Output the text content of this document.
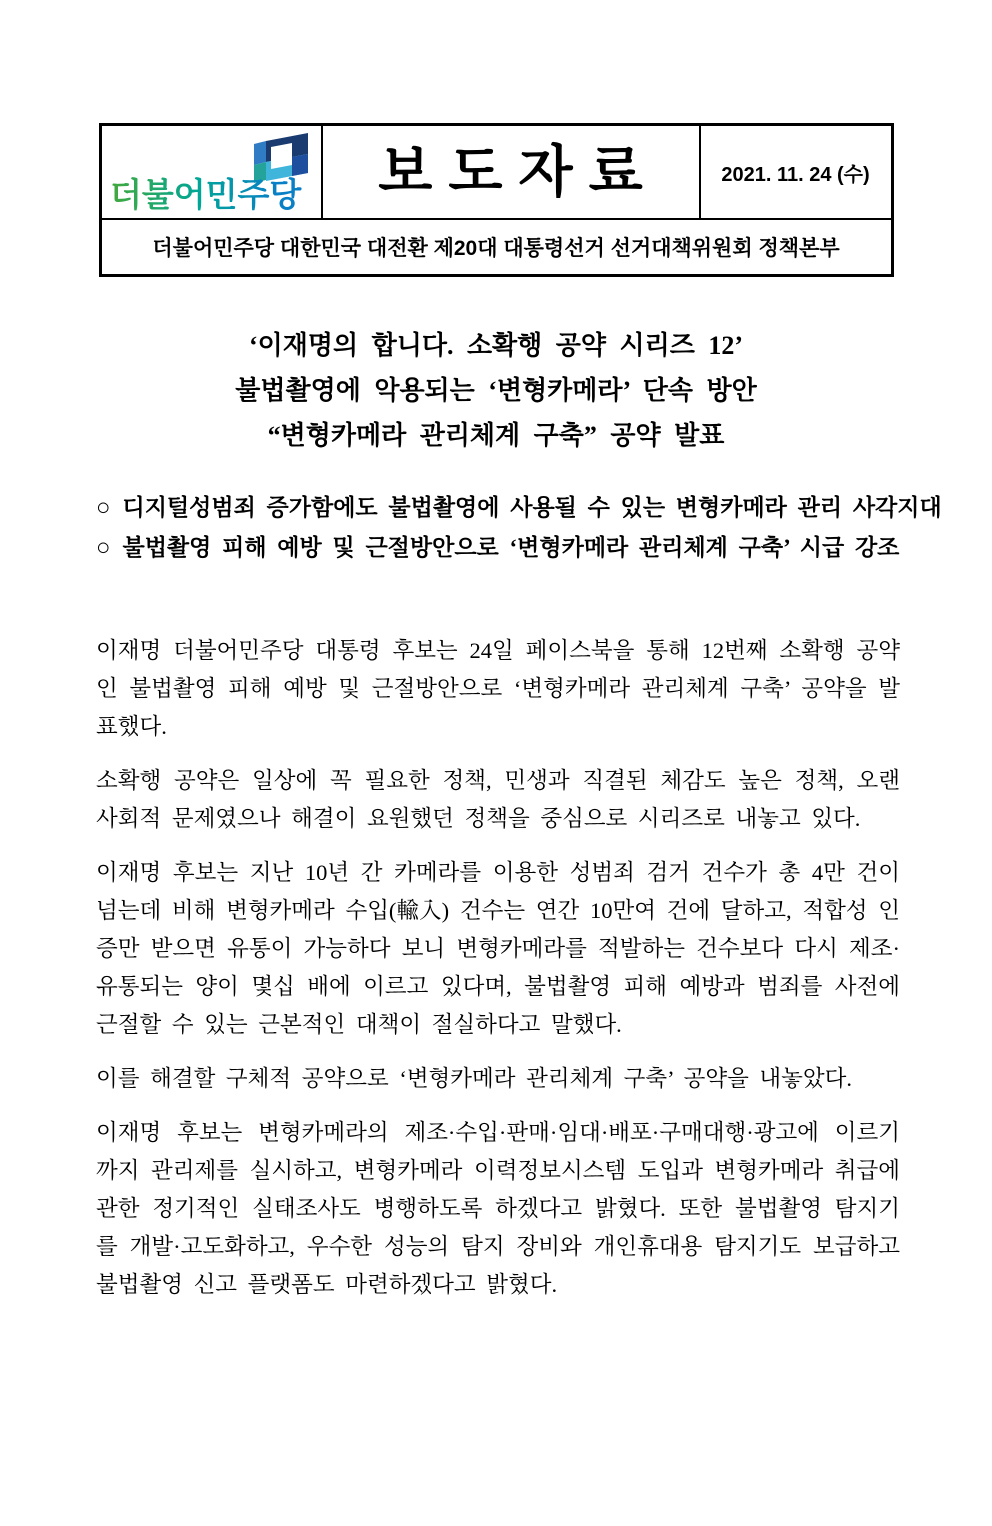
더불어민주당	보도자료	2021. 11. 24 (수)
더불어민주당 대한민국 대전환 제20대 대통령선거 선거대책위원회 정책본부
‘이재명의 합니다. 소확행 공약 시리즈 12’
불법촬영에 악용되는 ‘변형카메라’ 단속 방안
“변형카메라 관리체계 구축” 공약 발표
○ 디지털성범죄 증가함에도 불법촬영에 사용될 수 있는 변형카메라 관리 사각지대
○ 불법촬영 피해 예방 및 근절방안으로 ‘변형카메라 관리체계 구축’ 시급 강조

이재명 더불어민주당 대통령 후보는 24일 페이스북을 통해 12번째 소확행 공약인 불법촬영 피해 예방 및 근절방안으로 ‘변형카메라 관리체계 구축’ 공약을 발표했다.

소확행 공약은 일상에 꼭 필요한 정책, 민생과 직결된 체감도 높은 정책, 오랜 사회적 문제였으나 해결이 요원했던 정책을 중심으로 시리즈로 내놓고 있다.

이재명 후보는 지난 10년 간 카메라를 이용한 성범죄 검거 건수가 총 4만 건이 넘는데 비해 변형카메라 수입(輸入) 건수는 연간 10만여 건에 달하고, 적합성 인증만 받으면 유통이 가능하다 보니 변형카메라를 적발하는 건수보다 다시 제조·유통되는 양이 몇십 배에 이르고 있다며, 불법촬영 피해 예방과 범죄를 사전에 근절할 수 있는 근본적인 대책이 절실하다고 말했다.

이를 해결할 구체적 공약으로 ‘변형카메라 관리체계 구축’ 공약을 내놓았다.

이재명 후보는 변형카메라의 제조·수입·판매·임대·배포·구매대행·광고에 이르기까지 관리제를 실시하고, 변형카메라 이력정보시스템 도입과 변형카메라 취급에 관한 정기적인 실태조사도 병행하도록 하겠다고 밝혔다. 또한 불법촬영 탐지기를 개발·고도화하고, 우수한 성능의 탐지 장비와 개인휴대용 탐지기도 보급하고 불법촬영 신고 플랫폼도 마련하겠다고 밝혔다.
